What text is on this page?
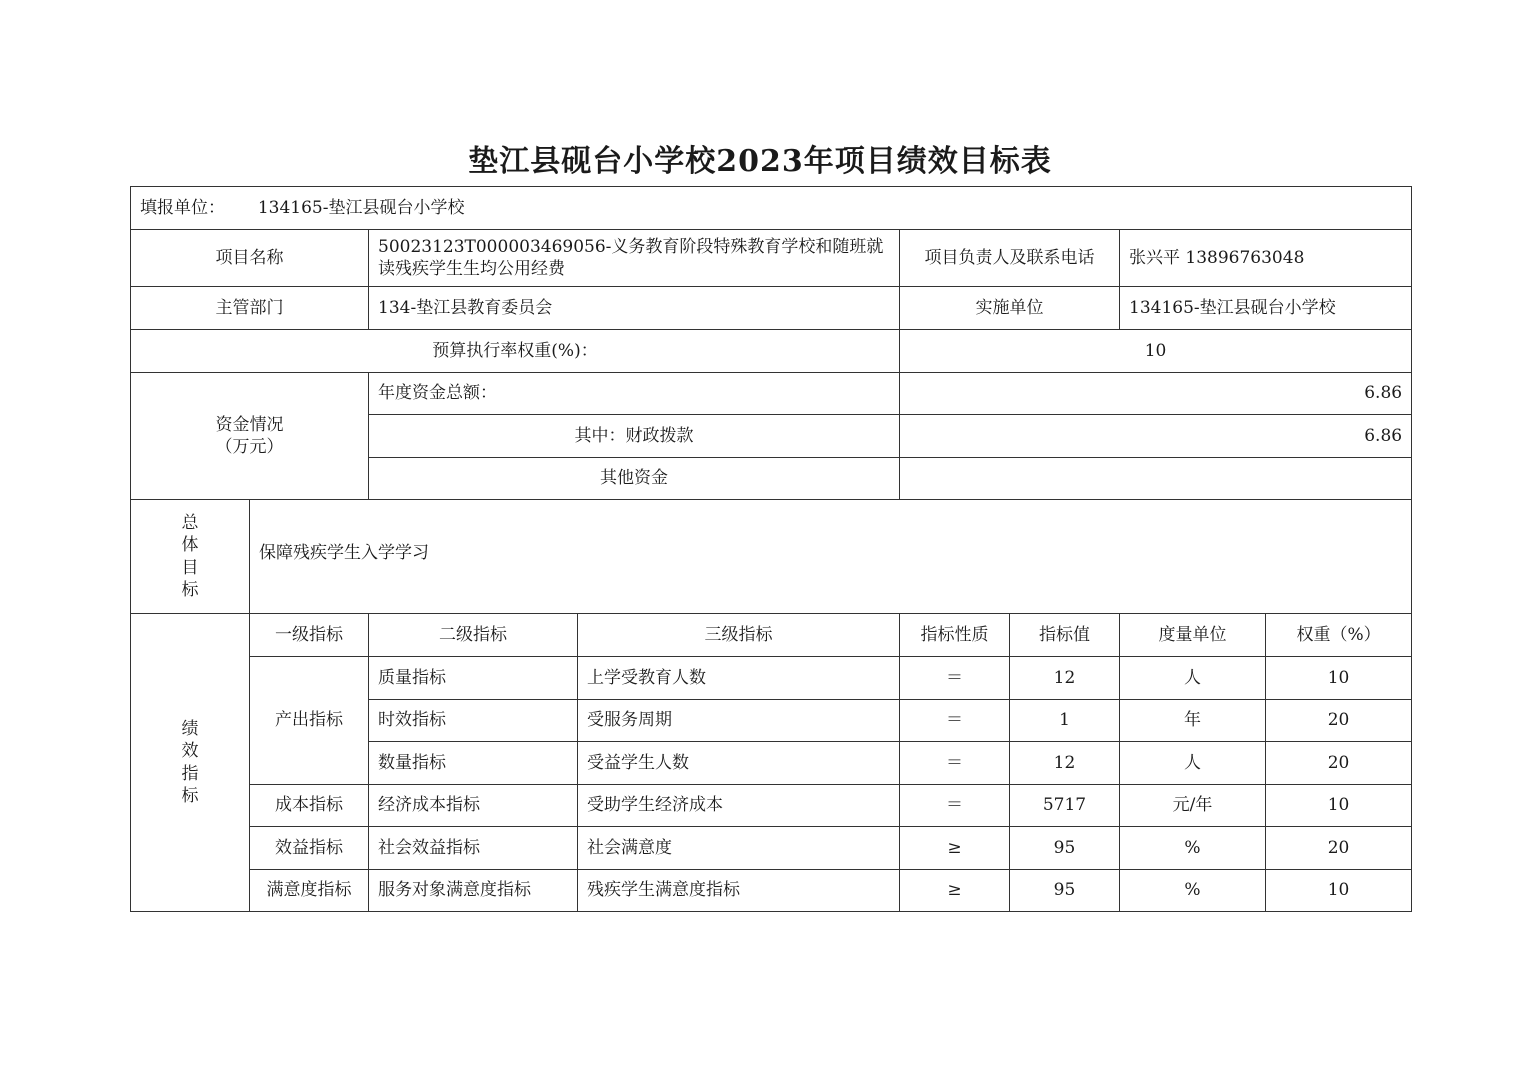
垫江县砚台小学校2023年项目绩效目标表
填报单位： 134165-垫江县砚台小学校							
项目名称		50023123T000003469056-义务教育阶段特殊教育学校和随班就读残疾学生生均公用经费		项目负责人及联系电话		张兴平 13896763048	
主管部门		134-垫江县教育委员会		实施单位		134165-垫江县砚台小学校	
预算执行率权重(%)：				10			

资金情况
（万元）		年度资金总额：		6.86			
		其中：财政拨款		6.86			
		其他资金					

总
体
目
标	保障残疾学生入学学习						

绩
效
指
标	一级指标	二级指标	三级指标	指标性质	指标值	度量单位	权重（%）
	产出指标	质量指标	上学受教育人数	＝	12	人	10
		时效指标	受服务周期	＝	1	年	20
		数量指标	受益学生人数	＝	12	人	20
	成本指标	经济成本指标	受助学生经济成本	＝	5717	元/年	10
	效益指标	社会效益指标	社会满意度	≥	95	%	20
	满意度指标	服务对象满意度指标	残疾学生满意度指标	≥	95	%	10
